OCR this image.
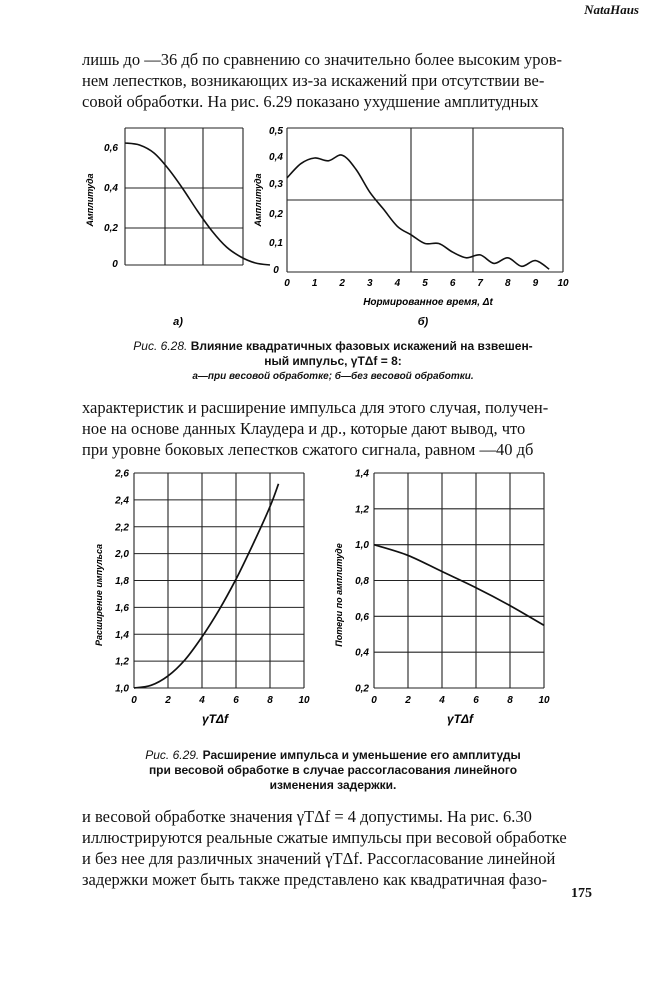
NataHaus
лишь до —36 дб по сравнению со значительно более высоким уров-
нем лепестков, возникающих из-за искажений при отсутствии ве-
совой обработки. На рис. 6.29 показано ухудшение амплитудных
0,6
0,4
0,2
0
Амплитуда
а)
0,5
0,4
0,3
0,2
0,1
0
Амплитуда
0 1 2 3 4 5 6 7 8 9 10
Нормированное время, Δt
б)
Рис. 6.28. Влияние квадратичных фазовых искажений на взвешен-
ный импульс, γTΔf = 8:
а—при весовой обработке; б—без весовой обработки.
характеристик и расширение импульса для этого случая, получен-
ное на основе данных Клаудера и др., которые дают вывод, что
при уровне боковых лепестков сжатого сигнала, равном —40 дб
2,6
2,4
2,2
2,0
1,8
1,6
1,4
1,2
1,0
0	2	4	6	8	10
Расширение импульса
γTΔf
1,4
1,2
1,0
0,8
0,6
0,4
0,2
0	2	4	6	8	10
Потери по амплитуде
γTΔf
Рис. 6.29. Расширение импульса и уменьшение его амплитуды
при весовой обработке в случае рассогласования линейного
изменения задержки.
и весовой обработке значения γTΔf = 4 допустимы. На рис. 6.30
иллюстрируются реальные сжатые импульсы при весовой обработке
и без нее для различных значений γTΔf. Рассогласование линейной
задержки может быть также представлено как квадратичная фазо-
175
